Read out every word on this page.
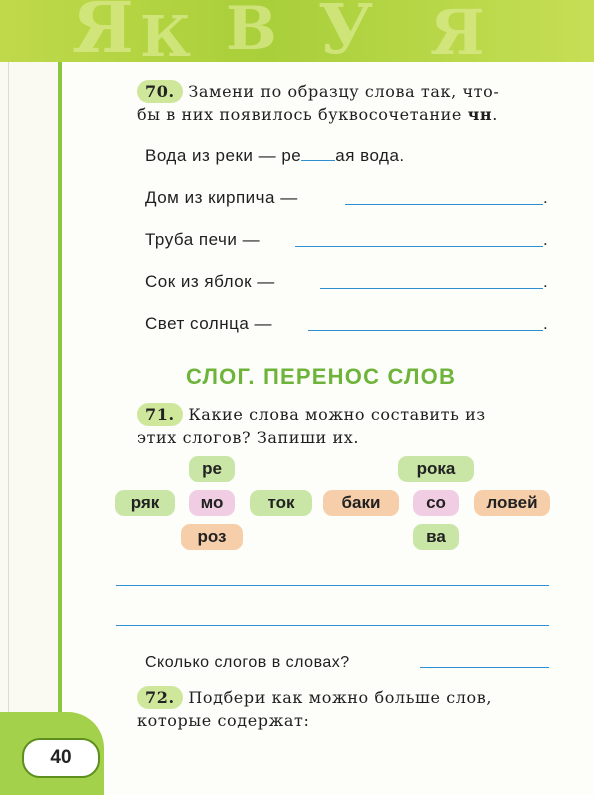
Я К В У Я
40
70. Замени по образцу слова так, что-
бы в них появилось буквосочетание чн.
Вода из реки — ре ая вода.
Дом из кирпича —	.
Труба печи —	.
Сок из яблок —	.
Свет солнца —	.
СЛОГ. ПЕРЕНОС СЛОВ
71. Какие слова можно составить из
этих слогов? Запиши их.
ре	рока
ряк	мо	ток	баки	со	ловей
роз	ва
Сколько слогов в словах?
72. Подбери как можно больше слов,
которые содержат:
